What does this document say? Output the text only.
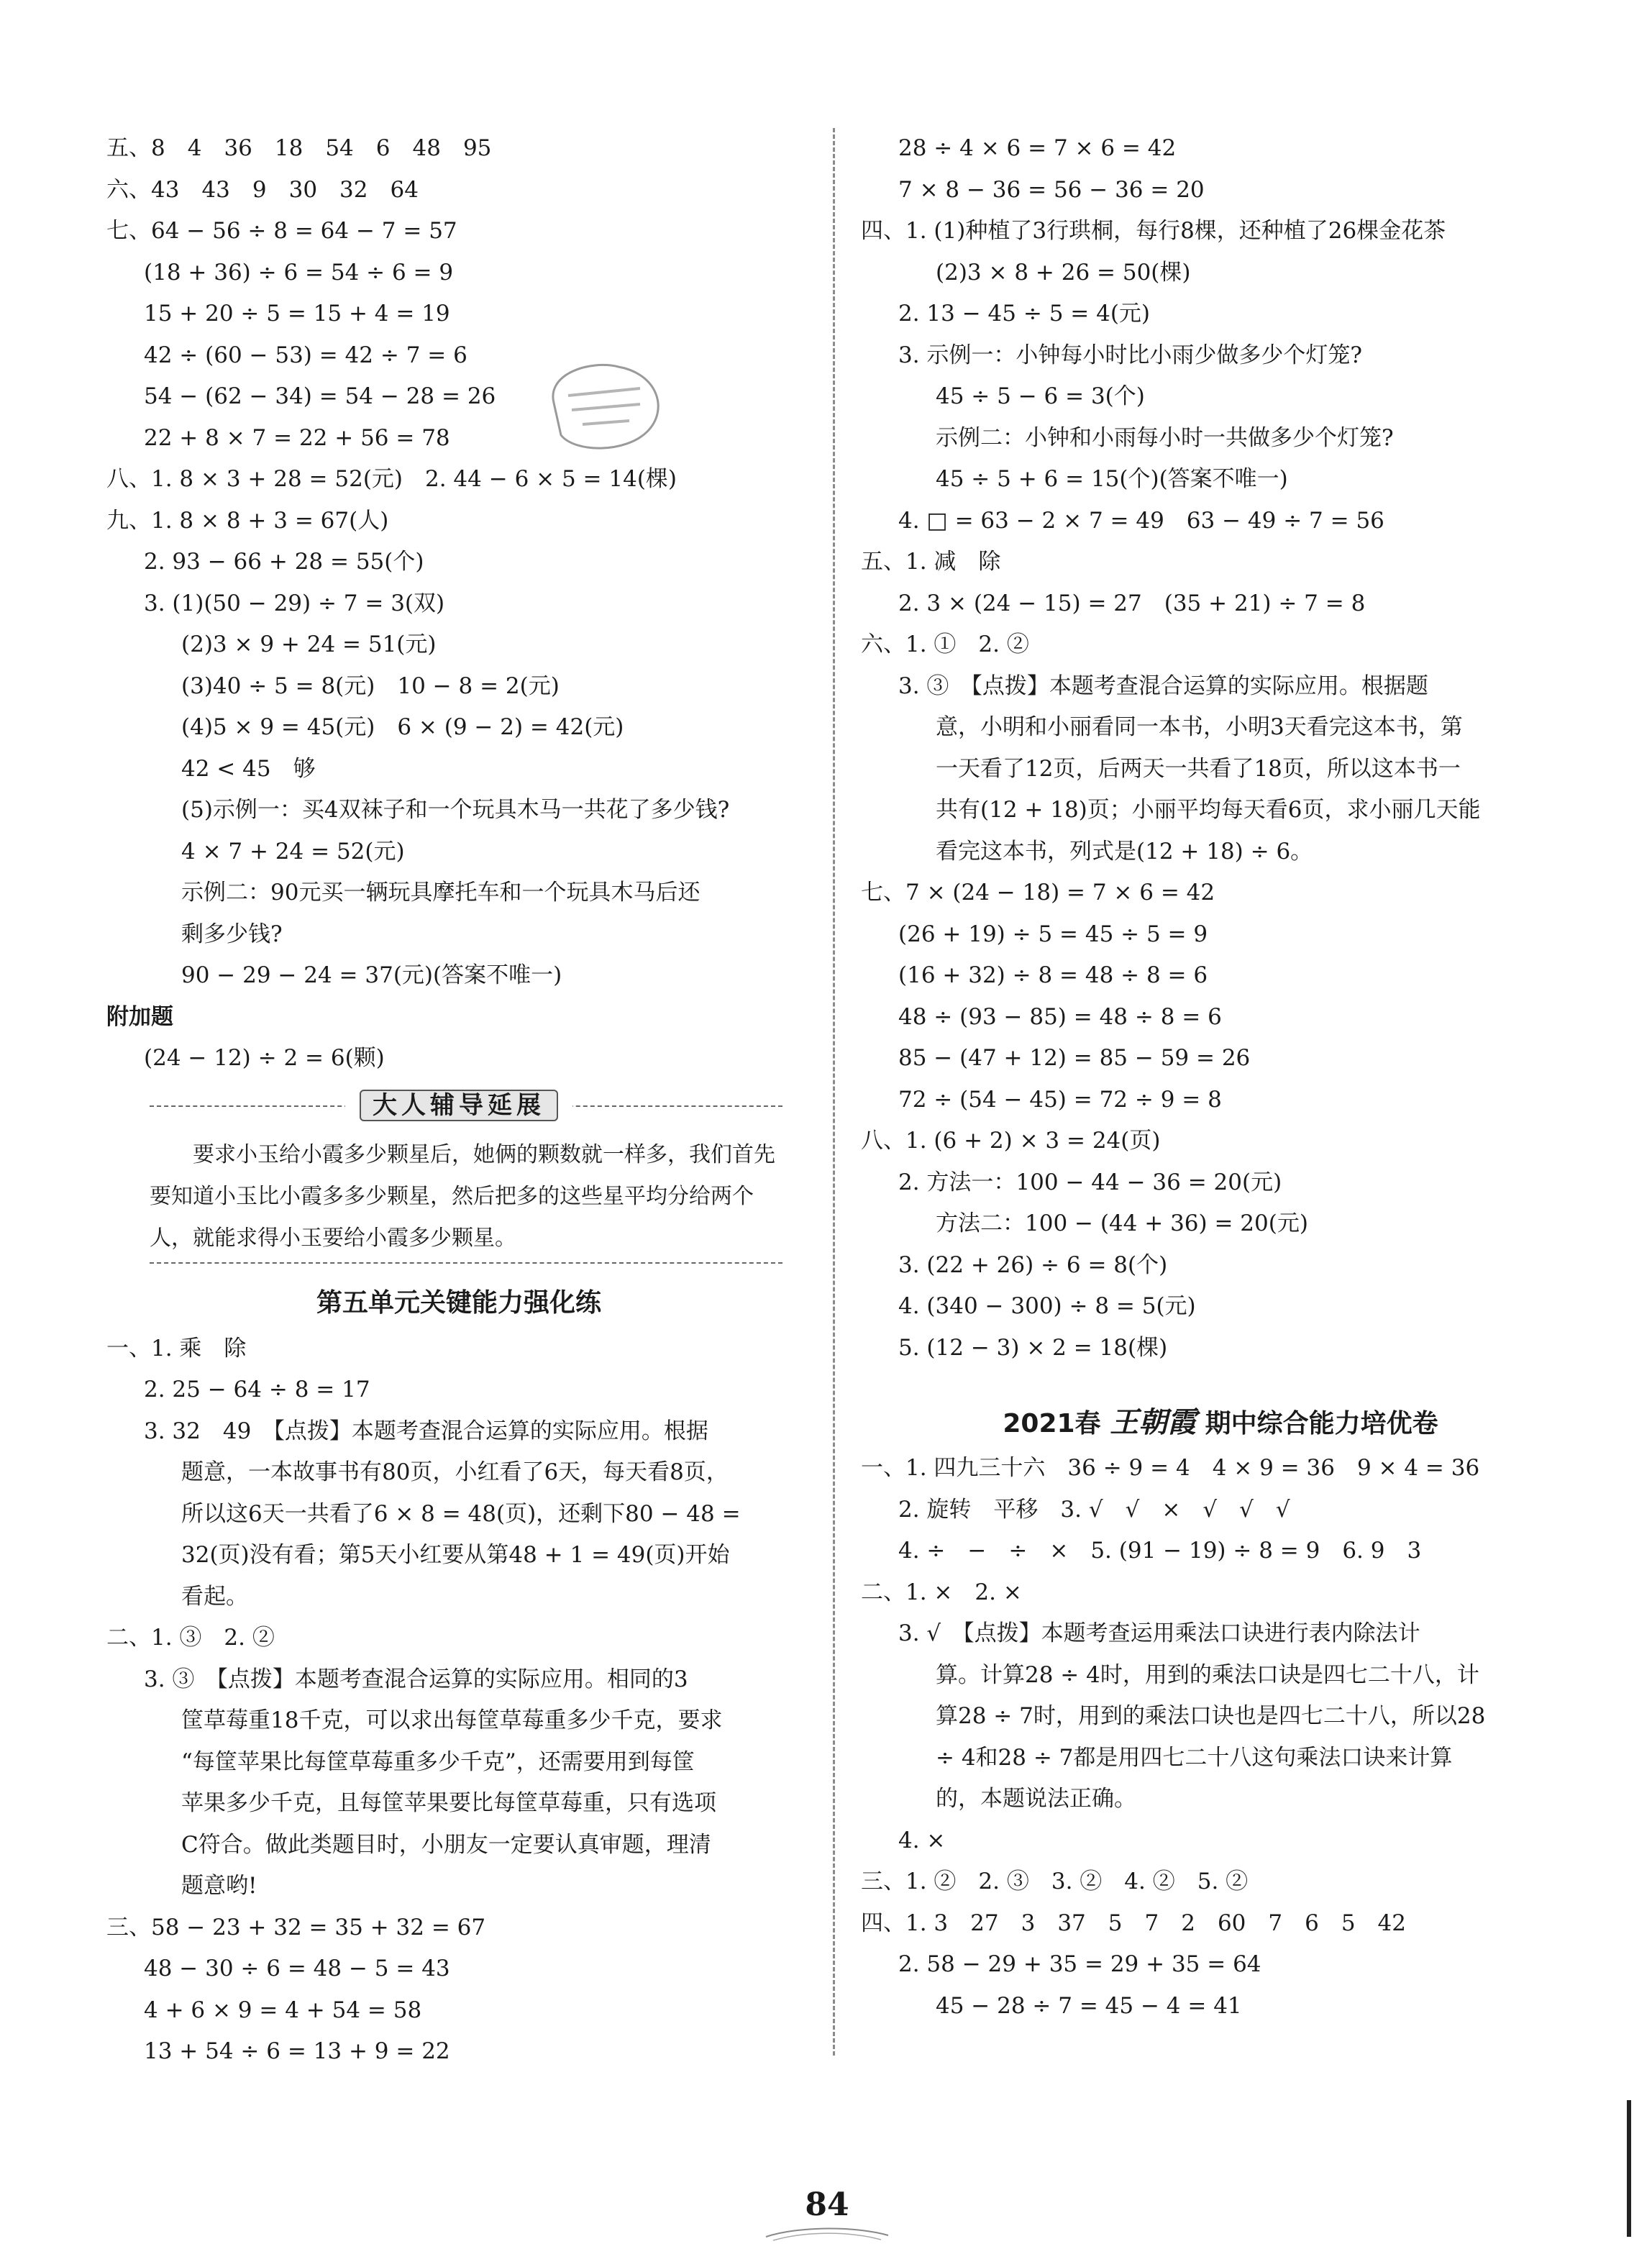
五、8　4　36　18　54　6　48　95
六、43　43　9　30　32　64
七、64 − 56 ÷ 8 = 64 − 7 = 57
(18 + 36) ÷ 6 = 54 ÷ 6 = 9
15 + 20 ÷ 5 = 15 + 4 = 19
42 ÷ (60 − 53) = 42 ÷ 7 = 6
54 − (62 − 34) = 54 − 28 = 26
22 + 8 × 7 = 22 + 56 = 78
八、1. 8 × 3 + 28 = 52(元)　2. 44 − 6 × 5 = 14(棵)
九、1. 8 × 8 + 3 = 67(人)
2. 93 − 66 + 28 = 55(个)
3. (1)(50 − 29) ÷ 7 = 3(双)
(2)3 × 9 + 24 = 51(元)
(3)40 ÷ 5 = 8(元)　10 − 8 = 2(元)
(4)5 × 9 = 45(元)　6 × (9 − 2) = 42(元)
42 < 45　够
(5)示例一：买4双袜子和一个玩具木马一共花了多少钱?
4 × 7 + 24 = 52(元)
示例二：90元买一辆玩具摩托车和一个玩具木马后还
剩多少钱?
90 − 29 − 24 = 37(元)(答案不唯一)
附加题
(24 − 12) ÷ 2 = 6(颗)
大人辅导延展
要求小玉给小霞多少颗星后，她俩的颗数就一样多，我们首先要知道小玉比小霞多多少颗星，然后把多的这些星平均分给两个人，就能求得小玉要给小霞多少颗星。
第五单元关键能力强化练
一、1. 乘　除
2. 25 − 64 ÷ 8 = 17
3. 32　49　【点拨】本题考查混合运算的实际应用。根据
题意，一本故事书有80页，小红看了6天，每天看8页，
所以这6天一共看了6 × 8 = 48(页)，还剩下80 − 48 =
32(页)没有看；第5天小红要从第48 + 1 = 49(页)开始
看起。
二、1. ③　2. ②
3. ③　【点拨】本题考查混合运算的实际应用。相同的3
筐草莓重18千克，可以求出每筐草莓重多少千克，要求
“每筐苹果比每筐草莓重多少千克”，还需要用到每筐
苹果多少千克，且每筐苹果要比每筐草莓重，只有选项
C符合。做此类题目时，小朋友一定要认真审题，理清
题意哟!
三、58 − 23 + 32 = 35 + 32 = 67
48 − 30 ÷ 6 = 48 − 5 = 43
4 + 6 × 9 = 4 + 54 = 58
13 + 54 ÷ 6 = 13 + 9 = 22
28 ÷ 4 × 6 = 7 × 6 = 42
7 × 8 − 36 = 56 − 36 = 20
四、1. (1)种植了3行珙桐，每行8棵，还种植了26棵金花茶
(2)3 × 8 + 26 = 50(棵)
2. 13 − 45 ÷ 5 = 4(元)
3. 示例一：小钟每小时比小雨少做多少个灯笼?
45 ÷ 5 − 6 = 3(个)
示例二：小钟和小雨每小时一共做多少个灯笼?
45 ÷ 5 + 6 = 15(个)(答案不唯一)
4. □ = 63 − 2 × 7 = 49　63 − 49 ÷ 7 = 56
五、1. 减　除
2. 3 × (24 − 15) = 27　(35 + 21) ÷ 7 = 8
六、1. ①　2. ②
3. ③　【点拨】本题考查混合运算的实际应用。根据题
意，小明和小丽看同一本书，小明3天看完这本书，第
一天看了12页，后两天一共看了18页，所以这本书一
共有(12 + 18)页；小丽平均每天看6页，求小丽几天能
看完这本书，列式是(12 + 18) ÷ 6。
七、7 × (24 − 18) = 7 × 6 = 42
(26 + 19) ÷ 5 = 45 ÷ 5 = 9
(16 + 32) ÷ 8 = 48 ÷ 8 = 6
48 ÷ (93 − 85) = 48 ÷ 8 = 6
85 − (47 + 12) = 85 − 59 = 26
72 ÷ (54 − 45) = 72 ÷ 9 = 8
八、1. (6 + 2) × 3 = 24(页)
2. 方法一：100 − 44 − 36 = 20(元)
方法二：100 − (44 + 36) = 20(元)
3. (22 + 26) ÷ 6 = 8(个)
4. (340 − 300) ÷ 8 = 5(元)
5. (12 − 3) × 2 = 18(棵)
2021春 王朝霞 期中综合能力培优卷
一、1. 四九三十六　36 ÷ 9 = 4　4 × 9 = 36　9 × 4 = 36
2. 旋转　平移　3. √　√　×　√　√　√
4. ÷　−　÷　×　5. (91 − 19) ÷ 8 = 9　6. 9　3
二、1. ×　2. ×
3. √　【点拨】本题考查运用乘法口诀进行表内除法计
算。计算28 ÷ 4时，用到的乘法口诀是四七二十八，计
算28 ÷ 7时，用到的乘法口诀也是四七二十八，所以28
÷ 4和28 ÷ 7都是用四七二十八这句乘法口诀来计算
的，本题说法正确。
4. ×
三、1. ②　2. ③　3. ②　4. ②　5. ②
四、1. 3　27　3　37　5　7　2　60　7　6　5　42
2. 58 − 29 + 35 = 29 + 35 = 64
45 − 28 ÷ 7 = 45 − 4 = 41
84
